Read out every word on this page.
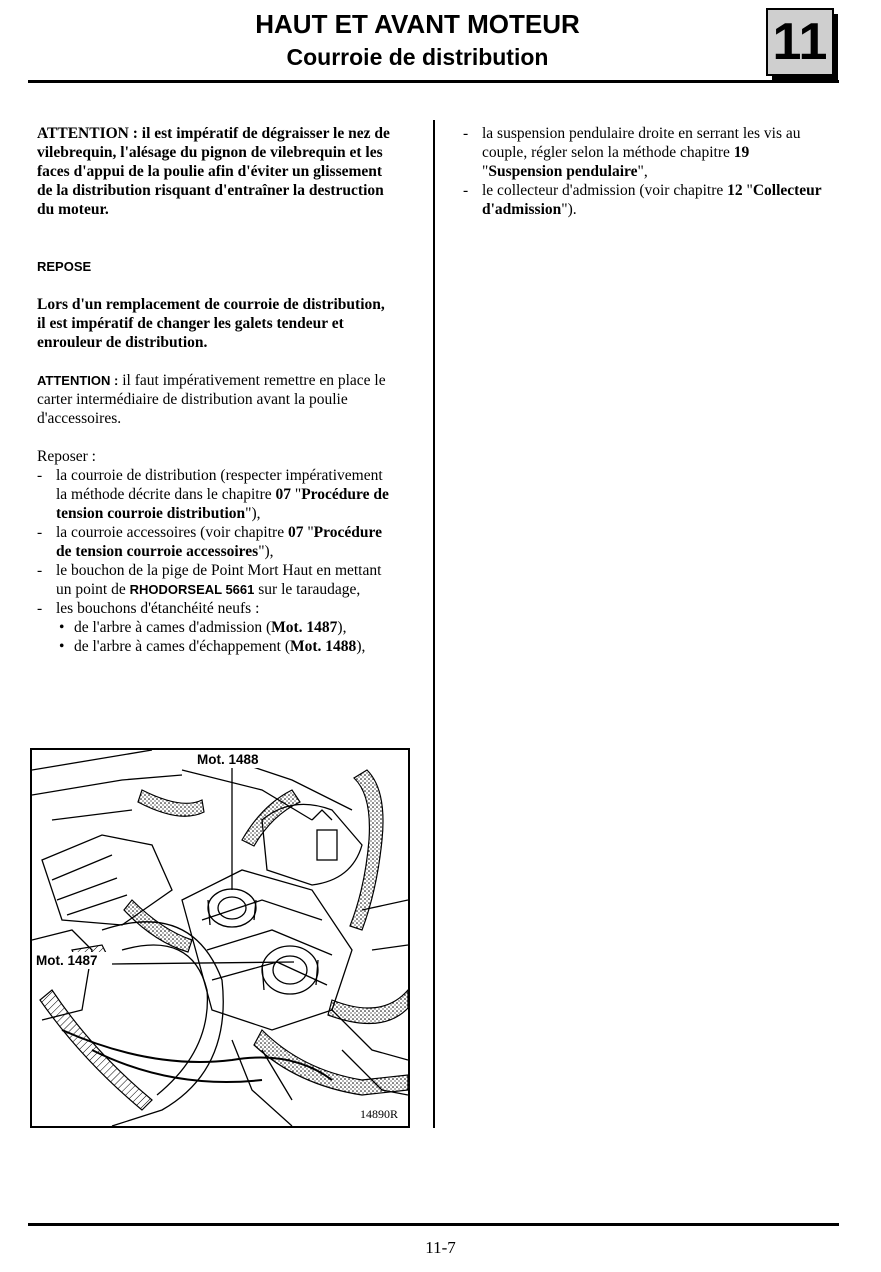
HAUT ET AVANT MOTEUR
Courroie de distribution	11

ATTENTION : il est impératif de dégraisser le nez de vilebrequin, l'alésage du pignon de vilebrequin et les faces d'appui de la poulie afin d'éviter un glissement de la distribution risquant d'entraîner la destruction du moteur.

REPOSE

Lors d'un remplacement de courroie de distribution, il est impératif de changer les galets tendeur et enrouleur de distribution.

ATTENTION : il faut impérativement remettre en place le carter intermédiaire de distribution avant la poulie d'accessoires.

Reposer :

- la courroie de distribution (respecter impérativement la méthode décrite dans le chapitre 07 "Procédure de tension courroie distribution"),
- la courroie accessoires (voir chapitre 07 "Procédure de tension courroie accessoires"),
- le bouchon de la pige de Point Mort Haut en mettant un point de RHODORSEAL 5661 sur le taraudage,
- les bouchons d'étanchéité neufs :
• de l'arbre à cames d'admission (Mot. 1487),
• de l'arbre à cames d'échappement (Mot. 1488),
- la suspension pendulaire droite en serrant les vis au couple, régler selon la méthode chapitre 19 "Suspension pendulaire",
- le collecteur d'admission (voir chapitre 12 "Collecteur d'admission").
Mot. 1488
Mot. 1487
14890R
11-7
